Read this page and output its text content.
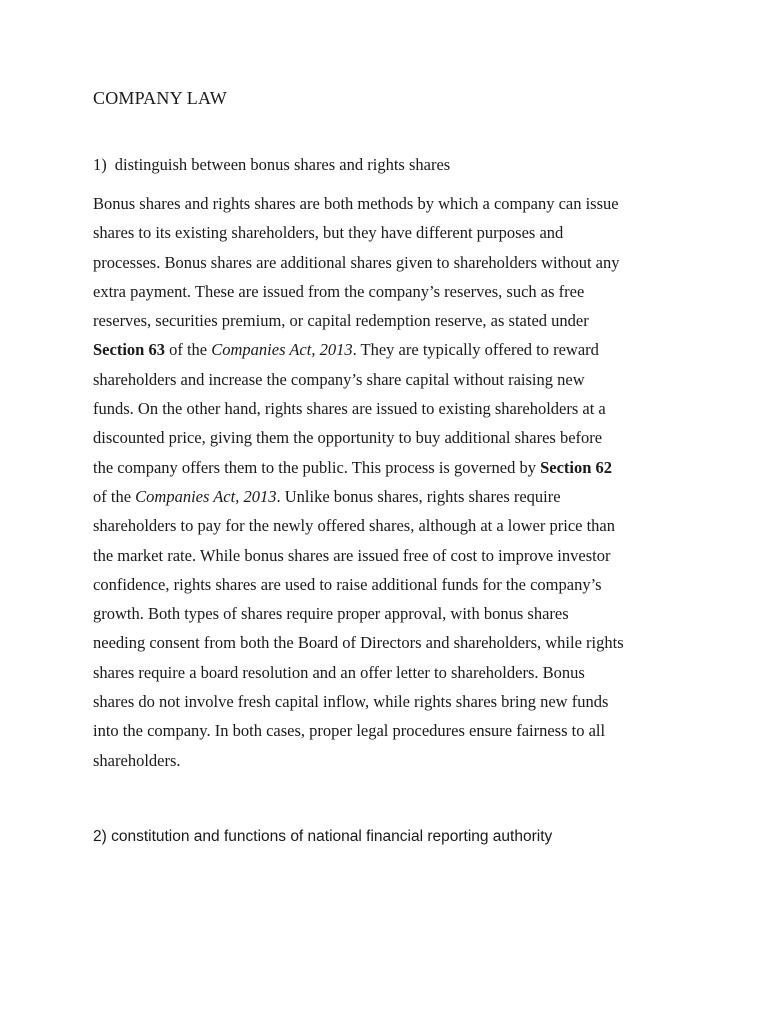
COMPANY LAW
1) distinguish between bonus shares and rights shares

Bonus shares and rights shares are both methods by which a company can issue
shares to its existing shareholders, but they have different purposes and
processes. Bonus shares are additional shares given to shareholders without any
extra payment. These are issued from the company’s reserves, such as free
reserves, securities premium, or capital redemption reserve, as stated under
Section 63 of the Companies Act, 2013. They are typically offered to reward
shareholders and increase the company’s share capital without raising new
funds. On the other hand, rights shares are issued to existing shareholders at a
discounted price, giving them the opportunity to buy additional shares before
the company offers them to the public. This process is governed by Section 62
of the Companies Act, 2013. Unlike bonus shares, rights shares require
shareholders to pay for the newly offered shares, although at a lower price than
the market rate. While bonus shares are issued free of cost to improve investor
confidence, rights shares are used to raise additional funds for the company’s
growth. Both types of shares require proper approval, with bonus shares
needing consent from both the Board of Directors and shareholders, while rights
shares require a board resolution and an offer letter to shareholders. Bonus
shares do not involve fresh capital inflow, while rights shares bring new funds
into the company. In both cases, proper legal procedures ensure fairness to all
shareholders.

2) constitution and functions of national financial reporting authority
